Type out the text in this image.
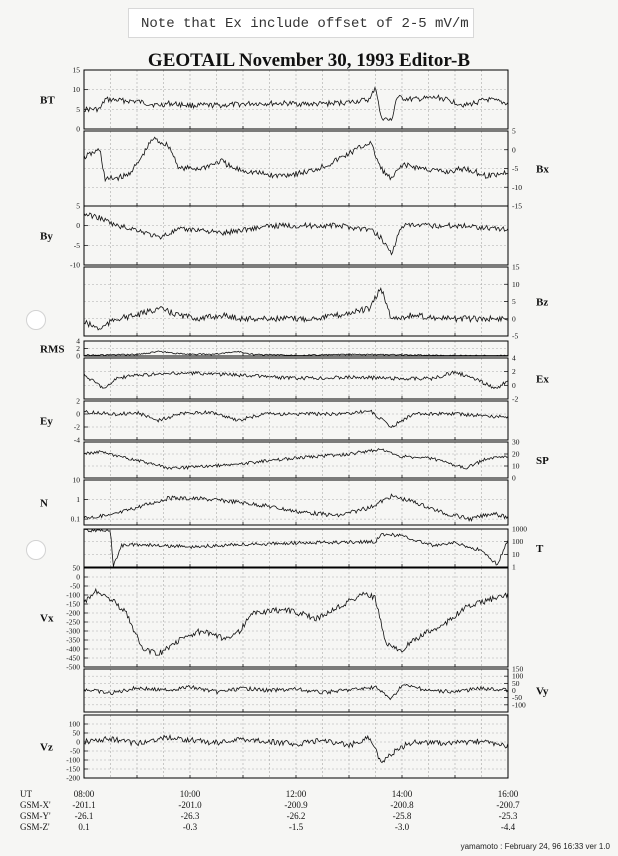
Note that Ex include offset of 2-5 mV/m
GEOTAIL November 30, 1993 Editor-B
0
5
10
15
BT
-15
-10
-5
0
5
Bx
-10
-5
0
5
By
-5
0
5
10
15
Bz
0
2
4
RMS
-2
0
2
4
Ex
-4
-2
0
2
Ey
0
10
20
30
SP
0.1
1
10
N
1
10
100
1000
T
-500
-450
-400
-350
-300
-250
-200
-150
-100
-50
0
50
Vx
-100
-50
0
50
100
150
Vy
-200
-150
-100
-50
0
50
100
Vz
UT
GSM-X'
GSM-Y'
GSM-Z'
08:00
-201.1
-26.1
0.1
10:00
-201.0
-26.3
-0.3
12:00
-200.9
-26.2
-1.5
14:00
-200.8
-25.8
-3.0
16:00
-200.7
-25.3
-4.4
yamamoto : February 24, 96 16:33 ver 1.0
